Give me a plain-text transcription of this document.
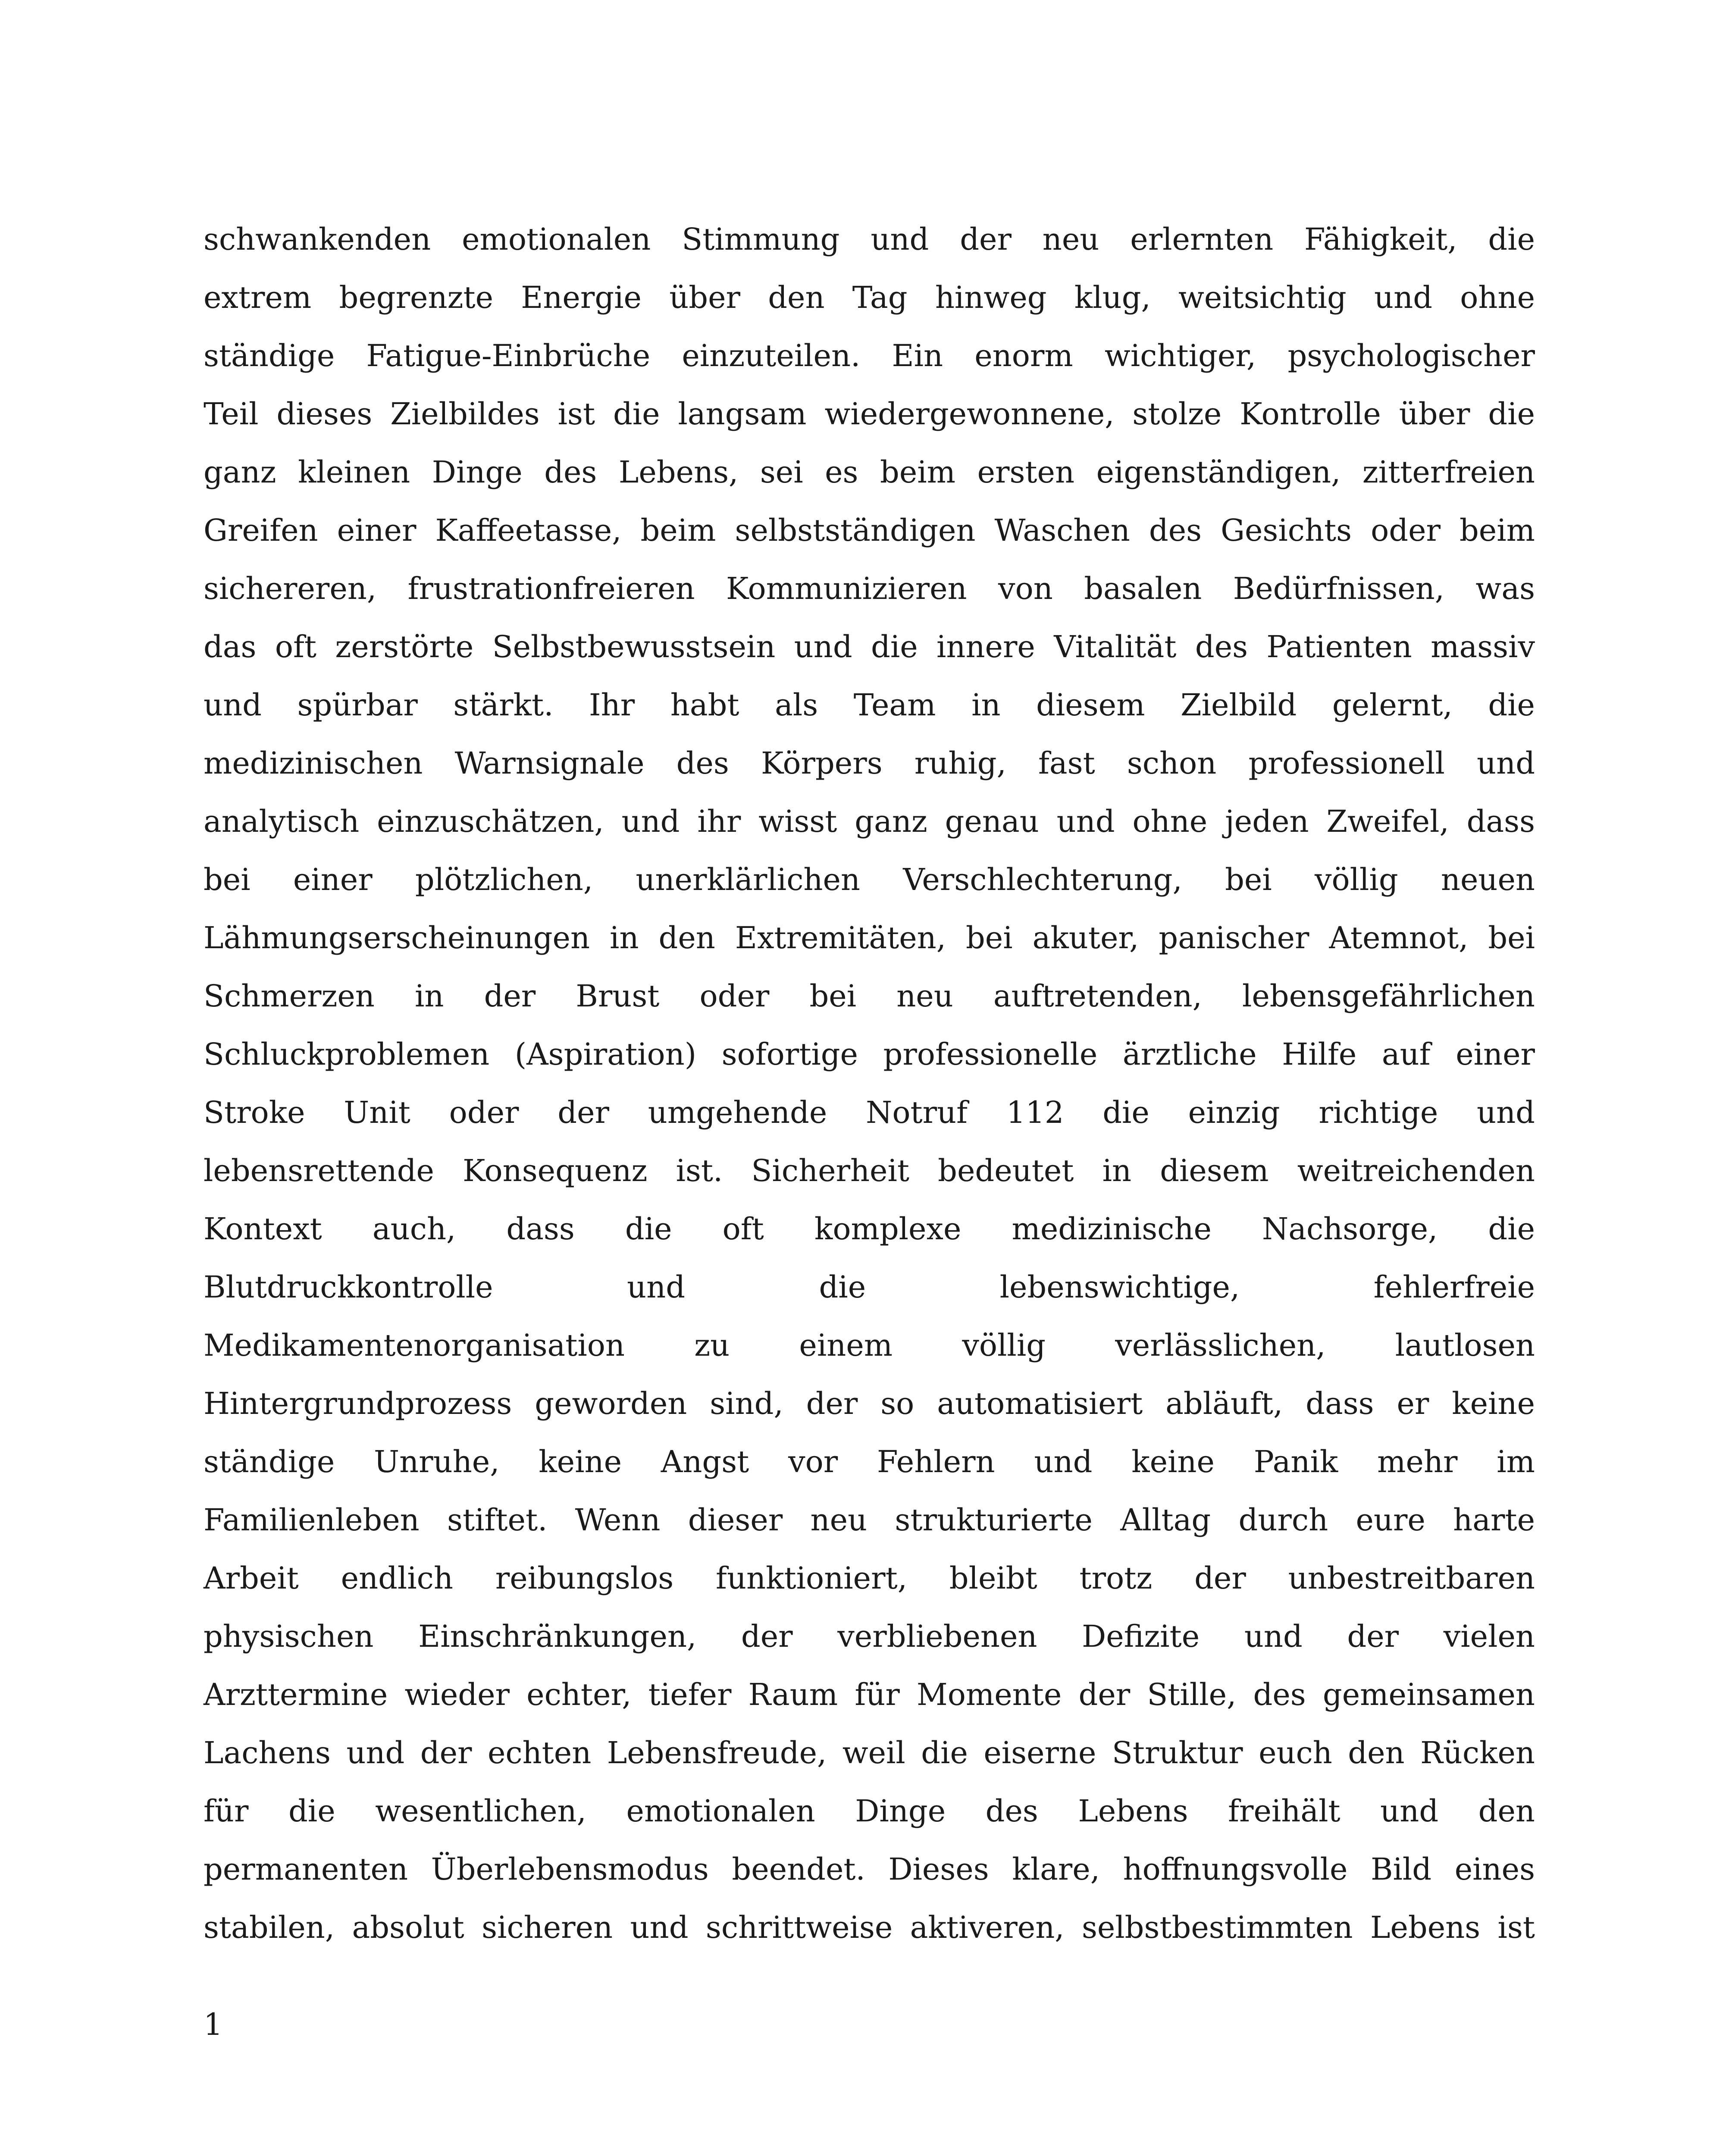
schwankenden emotionalen Stimmung und der neu erlernten Fähigkeit, die
extrem begrenzte Energie über den Tag hinweg klug, weitsichtig und ohne
ständige Fatigue-Einbrüche einzuteilen. Ein enorm wichtiger, psychologischer
Teil dieses Zielbildes ist die langsam wiedergewonnene, stolze Kontrolle über die
ganz kleinen Dinge des Lebens, sei es beim ersten eigenständigen, zitterfreien
Greifen einer Kaffeetasse, beim selbstständigen Waschen des Gesichts oder beim
sichereren, frustrationfreieren Kommunizieren von basalen Bedürfnissen, was
das oft zerstörte Selbstbewusstsein und die innere Vitalität des Patienten massiv
und spürbar stärkt. Ihr habt als Team in diesem Zielbild gelernt, die
medizinischen Warnsignale des Körpers ruhig, fast schon professionell und
analytisch einzuschätzen, und ihr wisst ganz genau und ohne jeden Zweifel, dass
bei einer plötzlichen, unerklärlichen Verschlechterung, bei völlig neuen
Lähmungserscheinungen in den Extremitäten, bei akuter, panischer Atemnot, bei
Schmerzen in der Brust oder bei neu auftretenden, lebensgefährlichen
Schluckproblemen (Aspiration) sofortige professionelle ärztliche Hilfe auf einer
Stroke Unit oder der umgehende Notruf 112 die einzig richtige und
lebensrettende Konsequenz ist. Sicherheit bedeutet in diesem weitreichenden
Kontext auch, dass die oft komplexe medizinische Nachsorge, die
Blutdruckkontrolle und die lebenswichtige, fehlerfreie
Medikamentenorganisation zu einem völlig verlässlichen, lautlosen
Hintergrundprozess geworden sind, der so automatisiert abläuft, dass er keine
ständige Unruhe, keine Angst vor Fehlern und keine Panik mehr im
Familienleben stiftet. Wenn dieser neu strukturierte Alltag durch eure harte
Arbeit endlich reibungslos funktioniert, bleibt trotz der unbestreitbaren
physischen Einschränkungen, der verbliebenen Defizite und der vielen
Arzttermine wieder echter, tiefer Raum für Momente der Stille, des gemeinsamen
Lachens und der echten Lebensfreude, weil die eiserne Struktur euch den Rücken
für die wesentlichen, emotionalen Dinge des Lebens freihält und den
permanenten Überlebensmodus beendet. Dieses klare, hoffnungsvolle Bild eines
stabilen, absolut sicheren und schrittweise aktiveren, selbstbestimmten Lebens ist
1
